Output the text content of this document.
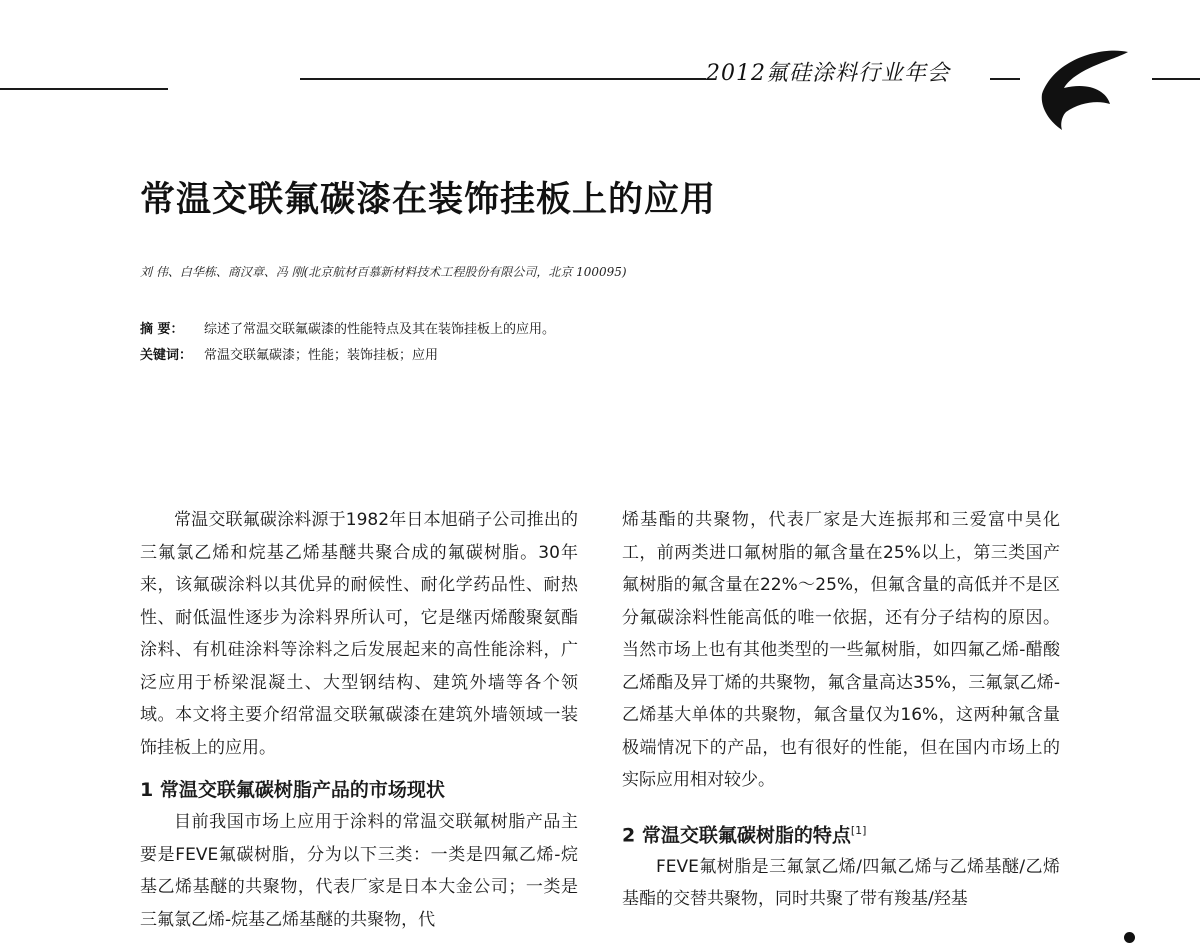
2012氟硅涂料行业年会
常温交联氟碳漆在装饰挂板上的应用
刘 伟、白华栋、商汉章、冯 刚(北京航材百慕新材料技术工程股份有限公司，北京 100095)
摘 要： 综述了常温交联氟碳漆的性能特点及其在装饰挂板上的应用。
关键词： 常温交联氟碳漆；性能；装饰挂板；应用

常温交联氟碳涂料源于1982年日本旭硝子公司推出的三氟氯乙烯和烷基乙烯基醚共聚合成的氟碳树脂。30年来，该氟碳涂料以其优异的耐候性、耐化学药品性、耐热性、耐低温性逐步为涂料界所认可，它是继丙烯酸聚氨酯涂料、有机硅涂料等涂料之后发展起来的高性能涂料，广泛应用于桥梁混凝土、大型钢结构、建筑外墙等各个领域。本文将主要介绍常温交联氟碳漆在建筑外墙领域一装饰挂板上的应用。

1 常温交联氟碳树脂产品的市场现状

目前我国市场上应用于涂料的常温交联氟树脂产品主要是FEVE氟碳树脂，分为以下三类：一类是四氟乙烯-烷基乙烯基醚的共聚物，代表厂家是日本大金公司；一类是三氟氯乙烯-烷基乙烯基醚的共聚物，代

烯基酯的共聚物，代表厂家是大连振邦和三爱富中昊化工，前两类进口氟树脂的氟含量在25%以上，第三类国产氟树脂的氟含量在22%～25%，但氟含量的高低并不是区分氟碳涂料性能高低的唯一依据，还有分子结构的原因。当然市场上也有其他类型的一些氟树脂，如四氟乙烯-醋酸乙烯酯及异丁烯的共聚物，氟含量高达35%，三氟氯乙烯-乙烯基大单体的共聚物，氟含量仅为16%，这两种氟含量极端情况下的产品，也有很好的性能，但在国内市场上的实际应用相对较少。

2 常温交联氟碳树脂的特点[1]

FEVE氟树脂是三氟氯乙烯/四氟乙烯与乙烯基醚/乙烯基酯的交替共聚物，同时共聚了带有羧基/羟基
